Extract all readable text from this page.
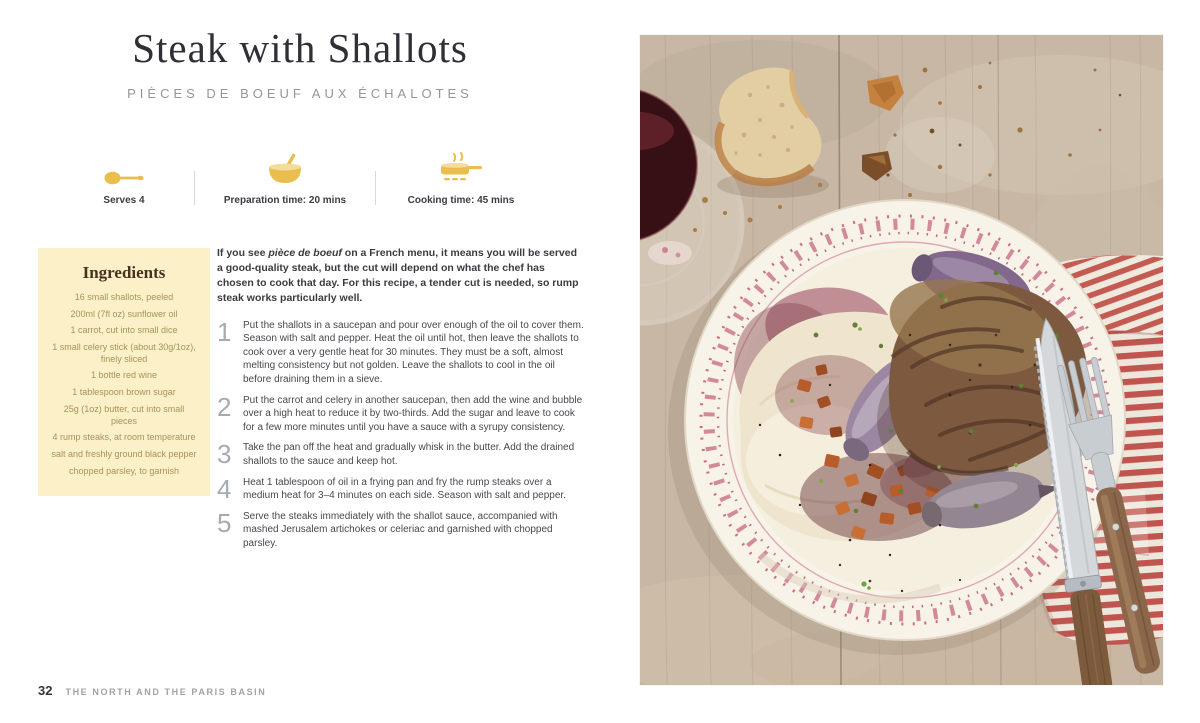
Steak with Shallots
PIÈCES DE BOEUF AUX ÉCHALOTES
Serves 4	Preparation time: 20 mins	Cooking time: 45 mins
Ingredients
16 small shallots, peeled
200ml (7fl oz) sunflower oil
1 carrot, cut into small dice
1 small celery stick (about 30g/1oz), finely sliced
1 bottle red wine
1 tablespoon brown sugar
25g (1oz) butter, cut into small pieces
4 rump steaks, at room temperature
salt and freshly ground black pepper
chopped parsley, to garnish

If you see pièce de boeuf on a French menu, it means you will be served a good-quality steak, but the cut will depend on what the chef has chosen to cook that day. For this recipe, a tender cut is needed, so rump steak works particularly well.

1	Put the shallots in a saucepan and pour over enough of the oil to cover them. Season with salt and pepper. Heat the oil until hot, then leave the shallots to cook over a very gentle heat for 30 minutes. They must be a soft, almost melting consistency but not golden. Leave the shallots to cool in the oil before draining them in a sieve.
2	Put the carrot and celery in another saucepan, then add the wine and bubble over a high heat to reduce it by two-thirds. Add the sugar and leave to cook for a few more minutes until you have a sauce with a syrupy consistency.
3	Take the pan off the heat and gradually whisk in the butter. Add the drained shallots to the sauce and keep hot.
4	Heat 1 tablespoon of oil in a frying pan and fry the rump steaks over a medium heat for 3–4 minutes on each side. Season with salt and pepper.
5	Serve the steaks immediately with the shallot sauce, accompanied with mashed Jerusalem artichokes or celeriac and garnished with chopped parsley.
32 THE NORTH AND THE PARIS BASIN
